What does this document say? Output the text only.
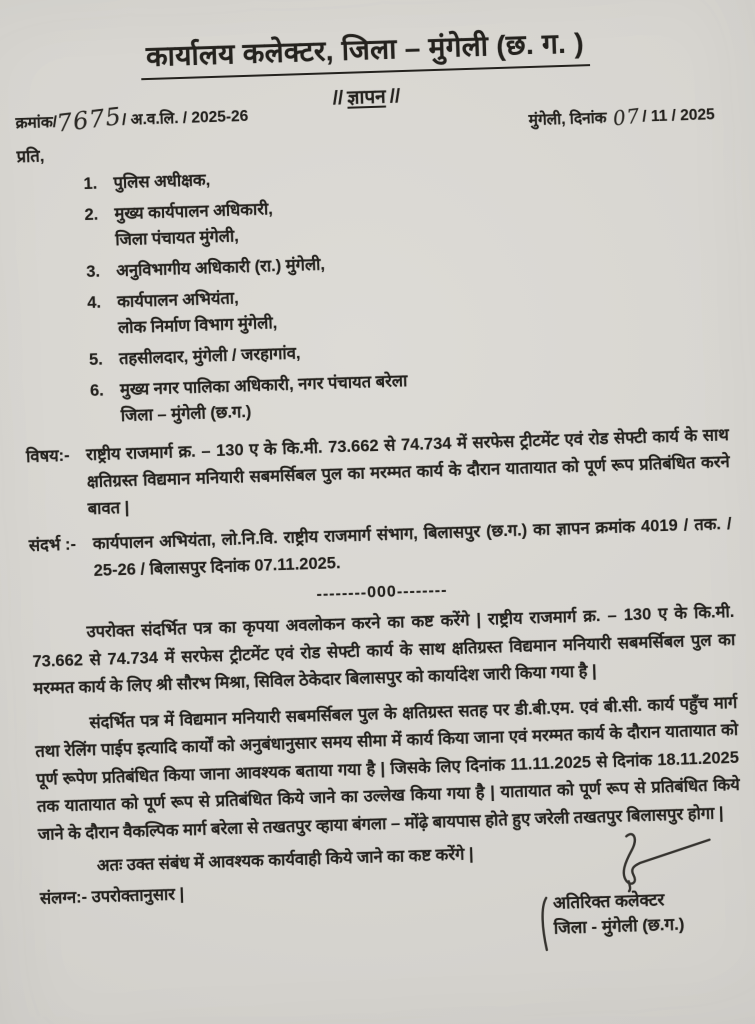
कार्यालय कलेक्टर, जिला – मुंगेली (छ. ग. )
// ज्ञापन //
क्रमांक/7675/ अ.व.लि. / 2025-26	मुंगेली, दिनांक 07/ 11 / 2025
प्रति,
1. पुलिस अधीक्षक,
2. मुख्य कार्यपालन अधिकारी,
जिला पंचायत मुंगेली,
3. अनुविभागीय अधिकारी (रा.) मुंगेली,
4. कार्यपालन अभियंता,
लोक निर्माण विभाग मुंगेली,
5. तहसीलदार, मुंगेली / जरहागांव,
6. मुख्य नगर पालिका अधिकारी, नगर पंचायत बरेला
जिला – मुंगेली (छ.ग.)
विषय:- राष्ट्रीय राजमार्ग क्र. – 130 ए के कि.मी. 73.662 से 74.734 में सरफेस ट्रीटमेंट एवं रोड सेफ्टी कार्य के साथ क्षतिग्रस्त विद्यमान मनियारी सबमर्सिबल पुल का मरम्मत कार्य के दौरान यातायात को पूर्ण रूप प्रतिबंधित करने बावत |
संदर्भ :- कार्यपालन अभियंता, लो.नि.वि. राष्ट्रीय राजमार्ग संभाग, बिलासपुर (छ.ग.) का ज्ञापन क्रमांक 4019 / तक. / 25-26 / बिलासपुर दिनांक 07.11.2025.
--------000--------

उपरोक्त संदर्भित पत्र का कृपया अवलोकन करने का कष्ट करेंगे | राष्ट्रीय राजमार्ग क्र. – 130 ए के कि.मी. 73.662 से 74.734 में सरफेस ट्रीटमेंट एवं रोड सेफ्टी कार्य के साथ क्षतिग्रस्त विद्यमान मनियारी सबमर्सिबल पुल का मरम्मत कार्य के लिए श्री सौरभ मिश्रा, सिविल ठेकेदार बिलासपुर को कार्यादेश जारी किया गया है |

संदर्भित पत्र में विद्यमान मनियारी सबमर्सिबल पुल के क्षतिग्रस्त सतह पर डी.बी.एम. एवं बी.सी. कार्य पहुँच मार्ग तथा रेलिंग पाईप इत्यादि कार्यों को अनुबंधानुसार समय सीमा में कार्य किया जाना एवं मरम्मत कार्य के दौरान यातायात को पूर्ण रूपेण प्रतिबंधित किया जाना आवश्यक बताया गया है | जिसके लिए दिनांक 11.11.2025 से दिनांक 18.11.2025 तक यातायात को पूर्ण रूप से प्रतिबंधित किये जाने का उल्लेख किया गया है | यातायात को पूर्ण रूप से प्रतिबंधित किये जाने के दौरान वैकल्पिक मार्ग बरेला से तखतपुर व्हाया बंगला – मोंढ़े बायपास होते हुए जरेली तखतपुर बिलासपुर होगा |

अतः उक्त संबंध में आवश्यक कार्यवाही किये जाने का कष्ट करेंगे |

संलग्न:- उपरोक्तानुसार |	अतिरिक्त कलेक्टर
जिला - मुंगेली (छ.ग.)
